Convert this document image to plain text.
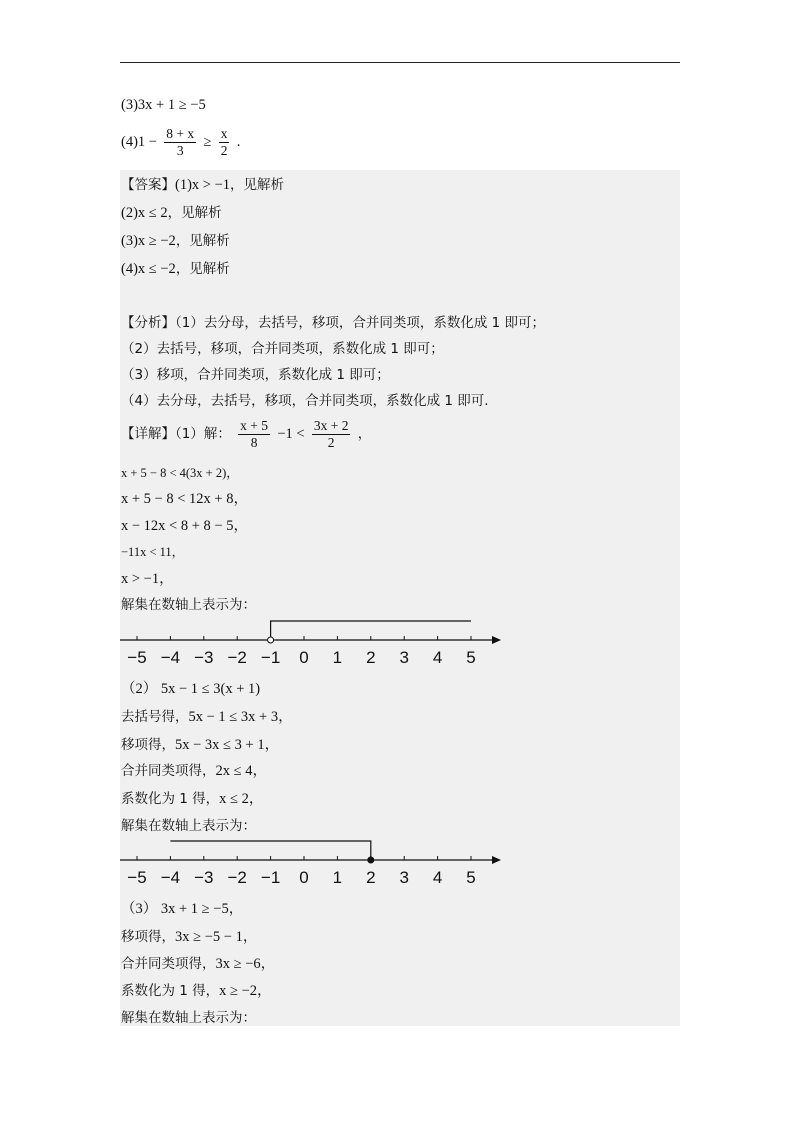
(3)3x + 1 ≥ −5
$(4)1 - \frac{8 + x}{3} \ge \frac{x}{2}$ .
【答案】(1)x > −1，见解析
(2)x ≤ 2，见解析
(3)x ≥ −2，见解析
(4)x ≤ −2，见解析
【分析】（1）去分母，去括号，移项，合并同类项，系数化成 1 即可；
（2）去括号，移项，合并同类项，系数化成 1 即可；
（3）移项，合并同类项，系数化成 1 即可；
（4）去分母，去括号，移项，合并同类项，系数化成 1 即可.
【详解】（1）解： $\frac{x + 5}{8} -1 < \frac{3x + 2}{2}$ ，
x + 5 − 8 < 4(3x + 2)，
x + 5 − 8 < 12x + 8，
x − 12x < 8 + 8 − 5，
−11x < 11，
x > −1，
解集在数轴上表示为：
−5 −4 −3 −2 −1 0 1 2 3 4 5
（2） 5x − 1 ≤ 3(x + 1)
去括号得，5x − 1 ≤ 3x + 3，
移项得，5x − 3x ≤ 3 + 1，
合并同类项得，2x ≤ 4，
系数化为 1 得，x ≤ 2，
解集在数轴上表示为：
−5 −4 −3 −2 −1 0 1 2 3 4 5
（3） 3x + 1 ≥ −5，
移项得，3x ≥ −5 − 1，
合并同类项得，3x ≥ −6，
系数化为 1 得，x ≥ −2，
解集在数轴上表示为：
